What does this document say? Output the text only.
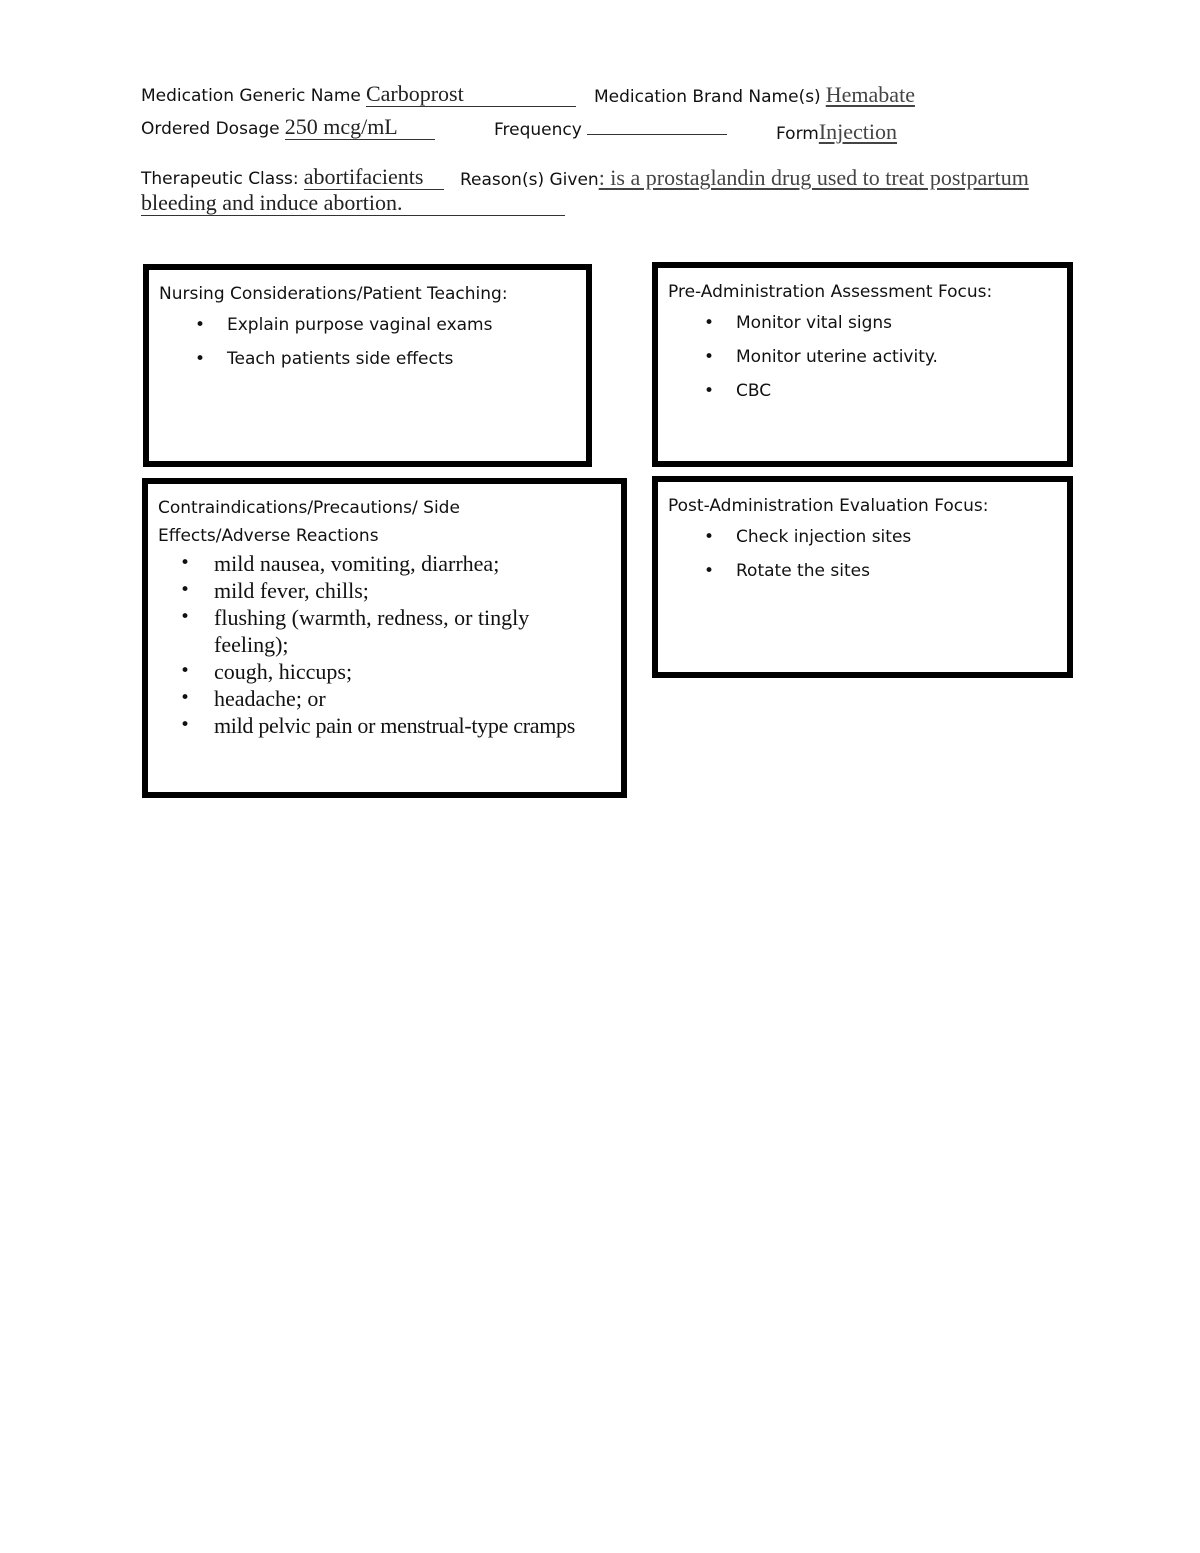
Medication Generic Name Carboprost	Medication Brand Name(s) Hemabate
Ordered Dosage 250 mcg/mL	Frequency	FormInjection
Therapeutic Class: abortifacients	Reason(s) Given: is a prostaglandin drug used to treat postpartum
bleeding and induce abortion.
Nursing Considerations/Patient Teaching:
• Explain purpose vaginal exams
• Teach patients side effects
Pre-Administration Assessment Focus:
• Monitor vital signs
• Monitor uterine activity.
• CBC
Contraindications/Precautions/ Side
Effects/Adverse Reactions
• mild nausea, vomiting, diarrhea;
• mild fever, chills;
• flushing (warmth, redness, or tingly feeling);
• cough, hiccups;
• headache; or
• mild pelvic pain or menstrual-type cramps
Post-Administration Evaluation Focus:
• Check injection sites
• Rotate the sites
